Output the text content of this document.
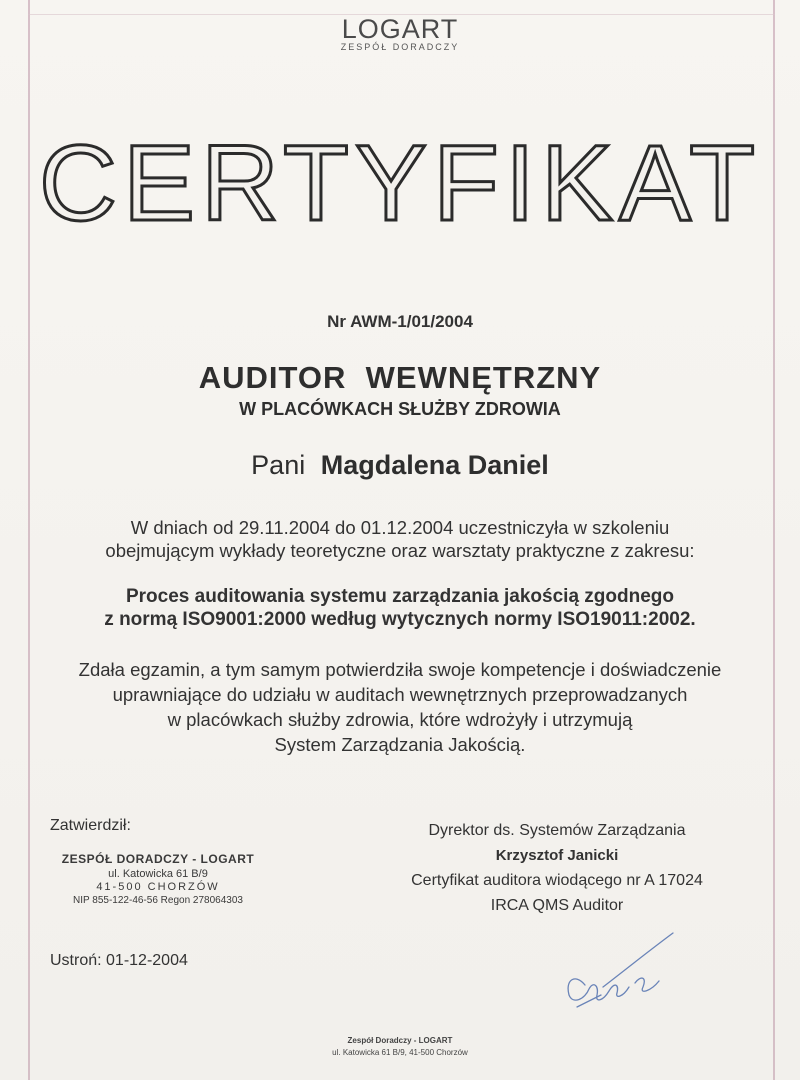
LOGART
ZESPÓŁ DORADCZY
CERTYFIKAT
Nr AWM-1/01/2004
AUDITOR  WEWNĘTRZNY
W PLACÓWKACH SŁUŻBY ZDROWIA
Pani Magdalena Daniel
W dniach od 29.11.2004 do 01.12.2004 uczestniczyła w szkoleniu
obejmującym wykłady teoretyczne oraz warsztaty praktyczne z zakresu:
Proces auditowania systemu zarządzania jakością zgodnego
z normą ISO9001:2000 według wytycznych normy ISO19011:2002.
Zdała egzamin, a tym samym potwierdziła swoje kompetencje i doświadczenie
uprawniające do udziału w auditach wewnętrznych przeprowadzanych
w placówkach służby zdrowia, które wdrożyły i utrzymują
System Zarządzania Jakością.
Zatwierdził:
ZESPÓŁ DORADCZY - LOGART
ul. Katowicka 61 B/9
41-500 CHORZÓW
NIP 855-122-46-56 Regon 278064303
Dyrektor ds. Systemów Zarządzania
Krzysztof Janicki
Certyfikat auditora wiodącego nr A 17024
IRCA QMS Auditor
Ustroń: 01-12-2004
Zespół Doradczy - LOGART
ul. Katowicka 61 B/9, 41-500 Chorzów
